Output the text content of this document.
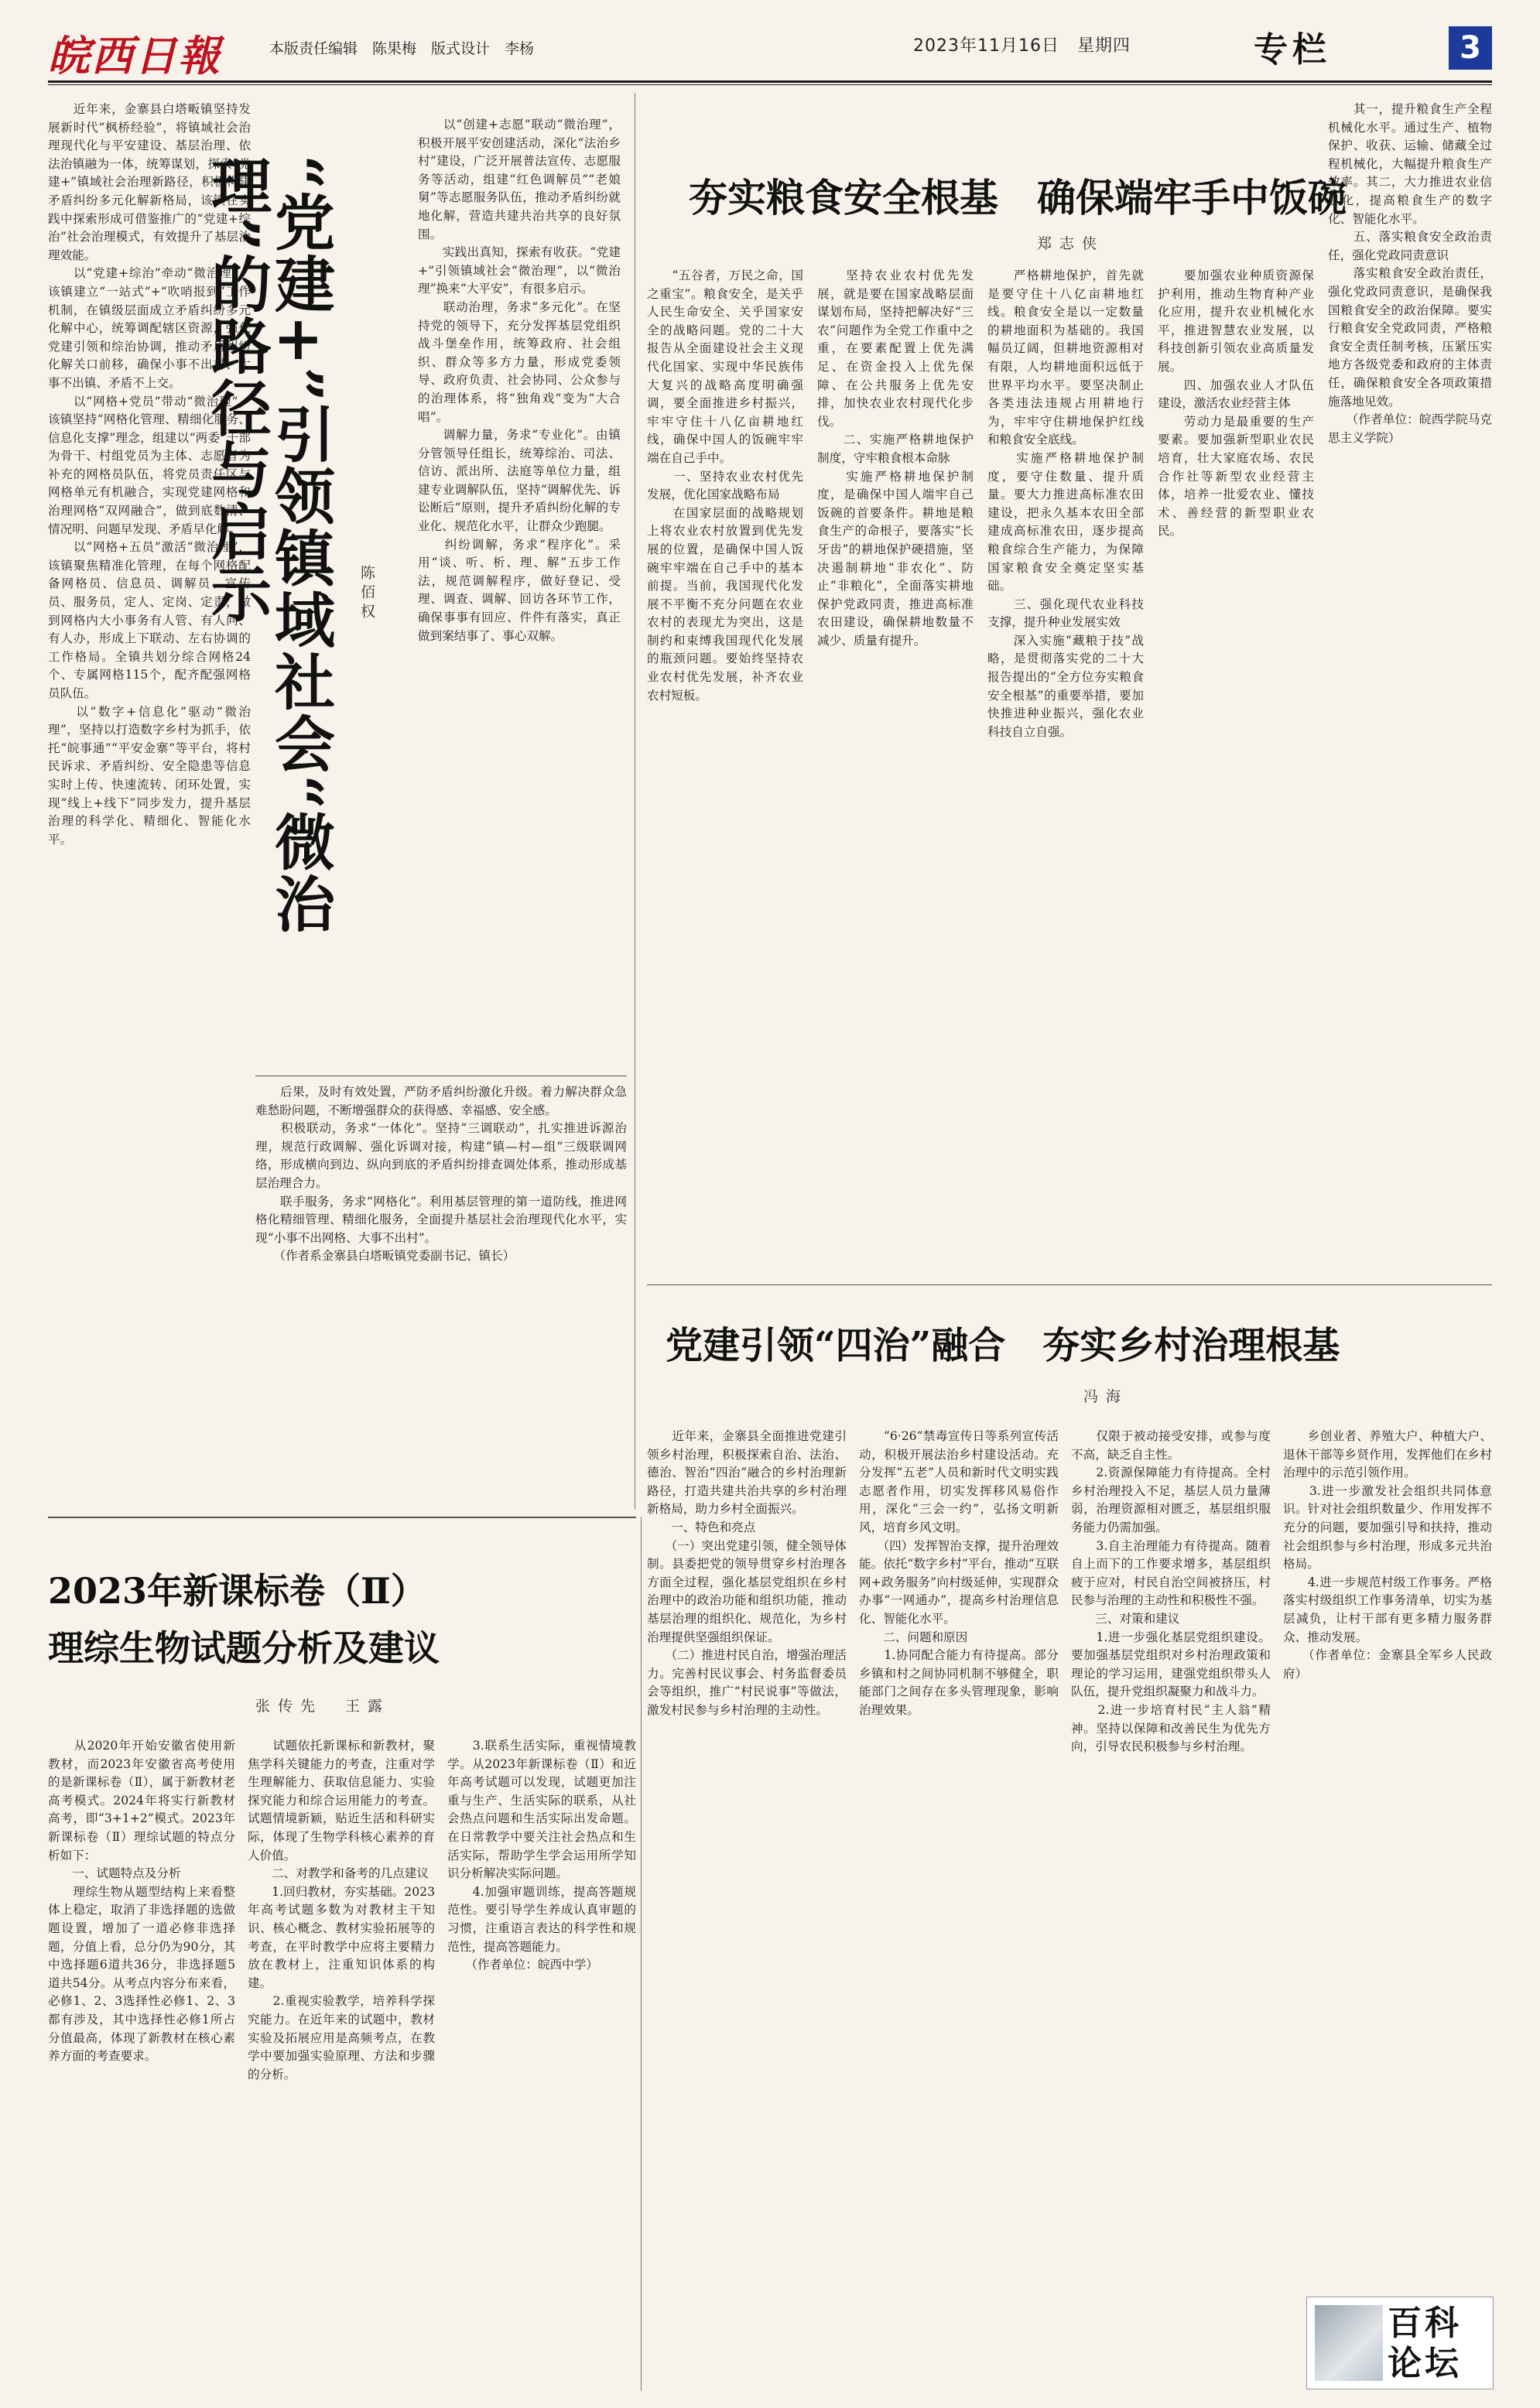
皖西日報	本版责任编辑　陈果梅　版式设计　李杨	2023年11月16日　星期四	专栏	3
　　近年来，金寨县白塔畈镇坚持发展新时代“枫桥经验”，将镇域社会治理现代化与平安建设、基层治理、依法治镇融为一体，统筹谋划，探索“党建+”镇域社会治理新路径，积极构建矛盾纠纷多元化解新格局，该镇在实践中探索形成可借鉴推广的“党建+综治”社会治理模式，有效提升了基层治理效能。
　　以“党建+综治”牵动“微治理”，该镇建立“一站式”+“吹哨报到”工作机制，在镇级层面成立矛盾纠纷多元化解中心，统筹调配辖区资源，强化党建引领和综治协调，推动矛盾纠纷化解关口前移，确保小事不出村、大事不出镇、矛盾不上交。
　　以“网格+党员”带动“微治理”，该镇坚持“网格化管理、精细化服务、信息化支撑”理念，组建以“两委”干部为骨干、村组党员为主体、志愿者为补充的网格员队伍，将党员责任区与网格单元有机融合，实现党建网格和治理网格“双网融合”，做到底数清、情况明、问题早发现、矛盾早化解。
　　以“网格+五员”激活“微治理”，该镇聚焦精准化管理，在每个网格配备网格员、信息员、调解员、宣传员、服务员，定人、定岗、定责，做到网格内大小事务有人管、有人问、有人办，形成上下联动、左右协调的工作格局。全镇共划分综合网格24个、专属网格115个，配齐配强网格员队伍。
　　以“数字+信息化”驱动“微治理”，坚持以打造数字乡村为抓手，依托“皖事通”“平安金寨”等平台，将村民诉求、矛盾纠纷、安全隐患等信息实时上传、快速流转、闭环处置，实现“线上+线下”同步发力，提升基层治理的科学化、精细化、智能化水平。	“党建+”引领镇域社会“微治理”的路径与启示	陈佰权
　　以“创建+志愿”联动“微治理”，积极开展平安创建活动，深化“法治乡村”建设，广泛开展普法宣传、志愿服务等活动，组建“红色调解员”“老娘舅”等志愿服务队伍，推动矛盾纠纷就地化解，营造共建共治共享的良好氛围。
　　实践出真知，探索有收获。“党建+”引领镇域社会“微治理”，以“微治理”换来“大平安”，有很多启示。
　　联动治理，务求“多元化”。在坚持党的领导下，充分发挥基层党组织战斗堡垒作用，统筹政府、社会组织、群众等多方力量，形成党委领导、政府负责、社会协同、公众参与的治理体系，将“独角戏”变为“大合唱”。
　　调解力量，务求“专业化”。由镇分管领导任组长，统筹综治、司法、信访、派出所、法庭等单位力量，组建专业调解队伍，坚持“调解优先、诉讼断后”原则，提升矛盾纠纷化解的专业化、规范化水平，让群众少跑腿。
　　纠纷调解，务求“程序化”。采用“谈、听、析、理、解”五步工作法，规范调解程序，做好登记、受理、调查、调解、回访各环节工作，确保事事有回应、件件有落实，真正做到案结事了、事心双解。
　　后果，及时有效处置，严防矛盾纠纷激化升级。着力解决群众急难愁盼问题，不断增强群众的获得感、幸福感、安全感。
　　积极联动，务求“一体化”。坚持“三调联动”，扎实推进诉源治理，规范行政调解、强化诉调对接，构建“镇—村—组”三级联调网络，形成横向到边、纵向到底的矛盾纠纷排查调处体系，推动形成基层治理合力。
　　联手服务，务求“网格化”。利用基层管理的第一道防线，推进网格化精细管理、精细化服务，全面提升基层社会治理现代化水平，实现“小事不出网格、大事不出村”。
　　（作者系金寨县白塔畈镇党委副书记、镇长）
夯实粮食安全根基　确保端牢手中饭碗
郑志侠
　　“五谷者，万民之命，国之重宝”。粮食安全，是关乎人民生命安全、关乎国家安全的战略问题。党的二十大报告从全面建设社会主义现代化国家、实现中华民族伟大复兴的战略高度明确强调，要全面推进乡村振兴，牢牢守住十八亿亩耕地红线，确保中国人的饭碗牢牢端在自己手中。
　　一、坚持农业农村优先发展，优化国家战略布局
　　在国家层面的战略规划上将农业农村放置到优先发展的位置，是确保中国人饭碗牢牢端在自己手中的基本前提。当前，我国现代化发展不平衡不充分问题在农业农村的表现尤为突出，这是制约和束缚我国现代化发展的瓶颈问题。要始终坚持农业农村优先发展，补齐农业农村短板。
　　坚持农业农村优先发展，就是要在国家战略层面谋划布局，坚持把解决好“三农”问题作为全党工作重中之重，在要素配置上优先满足、在资金投入上优先保障、在公共服务上优先安排，加快农业农村现代化步伐。
　　二、实施严格耕地保护制度，守牢粮食根本命脉
　　实施严格耕地保护制度，是确保中国人端牢自己饭碗的首要条件。耕地是粮食生产的命根子，要落实“长牙齿”的耕地保护硬措施，坚决遏制耕地“非农化”、防止“非粮化”，全面落实耕地保护党政同责，推进高标准农田建设，确保耕地数量不减少、质量有提升。
　　严格耕地保护，首先就是要守住十八亿亩耕地红线。粮食安全是以一定数量的耕地面积为基础的。我国幅员辽阔，但耕地资源相对有限，人均耕地面积远低于世界平均水平。要坚决制止各类违法违规占用耕地行为，牢牢守住耕地保护红线和粮食安全底线。
　　实施严格耕地保护制度，要守住数量、提升质量。要大力推进高标准农田建设，把永久基本农田全部建成高标准农田，逐步提高粮食综合生产能力，为保障国家粮食安全奠定坚实基础。
　　三、强化现代农业科技支撑，提升种业发展实效
　　深入实施“藏粮于技”战略，是贯彻落实党的二十大报告提出的“全方位夯实粮食安全根基”的重要举措，要加快推进种业振兴，强化农业科技自立自强。
　　要加强农业种质资源保护利用，推动生物育种产业化应用，提升农业机械化水平，推进智慧农业发展，以科技创新引领农业高质量发展。
　　四、加强农业人才队伍建设，激活农业经营主体
　　劳动力是最重要的生产要素。要加强新型职业农民培育，壮大家庭农场、农民合作社等新型农业经营主体，培养一批爱农业、懂技术、善经营的新型职业农民。
　　其一，提升粮食生产全程机械化水平。通过生产、植物保护、收获、运输、储藏全过程机械化，大幅提升粮食生产效率。其二，大力推进农业信息化，提高粮食生产的数字化、智能化水平。
　　五、落实粮食安全政治责任，强化党政同责意识
　　落实粮食安全政治责任，强化党政同责意识，是确保我国粮食安全的政治保障。要实行粮食安全党政同责，严格粮食安全责任制考核，压紧压实地方各级党委和政府的主体责任，确保粮食安全各项政策措施落地见效。
　　（作者单位：皖西学院马克思主义学院）
党建引领“四治”融合　夯实乡村治理根基
冯海
　　近年来，金寨县全面推进党建引领乡村治理，积极探索自治、法治、德治、智治“四治”融合的乡村治理新路径，打造共建共治共享的乡村治理新格局，助力乡村全面振兴。
　　一、特色和亮点
　　（一）突出党建引领，健全领导体制。县委把党的领导贯穿乡村治理各方面全过程，强化基层党组织在乡村治理中的政治功能和组织功能，推动基层治理的组织化、规范化，为乡村治理提供坚强组织保证。
　　（二）推进村民自治，增强治理活力。完善村民议事会、村务监督委员会等组织，推广“村民说事”等做法，激发村民参与乡村治理的主动性。
　　“6·26”禁毒宣传日等系列宣传活动，积极开展法治乡村建设活动。充分发挥“五老”人员和新时代文明实践志愿者作用，切实发挥移风易俗作用，深化“三会一约”，弘扬文明新风，培育乡风文明。
　　（四）发挥智治支撑，提升治理效能。依托“数字乡村”平台，推动“互联网+政务服务”向村级延伸，实现群众办事“一网通办”，提高乡村治理信息化、智能化水平。
　　二、问题和原因
　　1.协同配合能力有待提高。部分乡镇和村之间协同机制不够健全，职能部门之间存在多头管理现象，影响治理效果。
　　仅限于被动接受安排，或参与度不高，缺乏自主性。
　　2.资源保障能力有待提高。全村乡村治理投入不足，基层人员力量薄弱，治理资源相对匮乏，基层组织服务能力仍需加强。
　　3.自主治理能力有待提高。随着自上而下的工作要求增多，基层组织疲于应对，村民自治空间被挤压，村民参与治理的主动性和积极性不强。
　　三、对策和建议
　　1.进一步强化基层党组织建设。要加强基层党组织对乡村治理政策和理论的学习运用，建强党组织带头人队伍，提升党组织凝聚力和战斗力。
　　2.进一步培育村民“主人翁”精神。坚持以保障和改善民生为优先方向，引导农民积极参与乡村治理。
　　乡创业者、养殖大户、种植大户、退休干部等乡贤作用，发挥他们在乡村治理中的示范引领作用。
　　3.进一步激发社会组织共同体意识。针对社会组织数量少、作用发挥不充分的问题，要加强引导和扶持，推动社会组织参与乡村治理，形成多元共治格局。
　　4.进一步规范村级工作事务。严格落实村级组织工作事务清单，切实为基层减负，让村干部有更多精力服务群众、推动发展。
　　（作者单位：金寨县全军乡人民政府）
百科论坛
2023年新课标卷（Ⅱ）
理综生物试题分析及建议
张传先　王露
　　从2020年开始安徽省使用新教材，而2023年安徽省高考使用的是新课标卷（Ⅱ），属于新教材老高考模式。2024年将实行新教材高考，即“3+1+2”模式。2023年新课标卷（Ⅱ）理综试题的特点分析如下：
　　一、试题特点及分析
　　理综生物从题型结构上来看整体上稳定，取消了非选择题的选做题设置，增加了一道必修非选择题，分值上看，总分仍为90分，其中选择题6道共36分，非选择题5道共54分。从考点内容分布来看，必修1、2、3选择性必修1、2、3都有涉及，其中选择性必修1所占分值最高，体现了新教材在核心素养方面的考查要求。
　　试题依托新课标和新教材，聚焦学科关键能力的考查，注重对学生理解能力、获取信息能力、实验探究能力和综合运用能力的考查。试题情境新颖，贴近生活和科研实际，体现了生物学科核心素养的育人价值。
　　二、对教学和备考的几点建议
　　1.回归教材，夯实基础。2023年高考试题多数为对教材主干知识、核心概念、教材实验拓展等的考查，在平时教学中应将主要精力放在教材上，注重知识体系的构建。
　　2.重视实验教学，培养科学探究能力。在近年来的试题中，教材实验及拓展应用是高频考点，在教学中要加强实验原理、方法和步骤的分析。
　　3.联系生活实际，重视情境教学。从2023年新课标卷（Ⅱ）和近年高考试题可以发现，试题更加注重与生产、生活实际的联系，从社会热点问题和生活实际出发命题。在日常教学中要关注社会热点和生活实际，帮助学生学会运用所学知识分析解决实际问题。
　　4.加强审题训练，提高答题规范性。要引导学生养成认真审题的习惯，注重语言表达的科学性和规范性，提高答题能力。
　　（作者单位：皖西中学）
